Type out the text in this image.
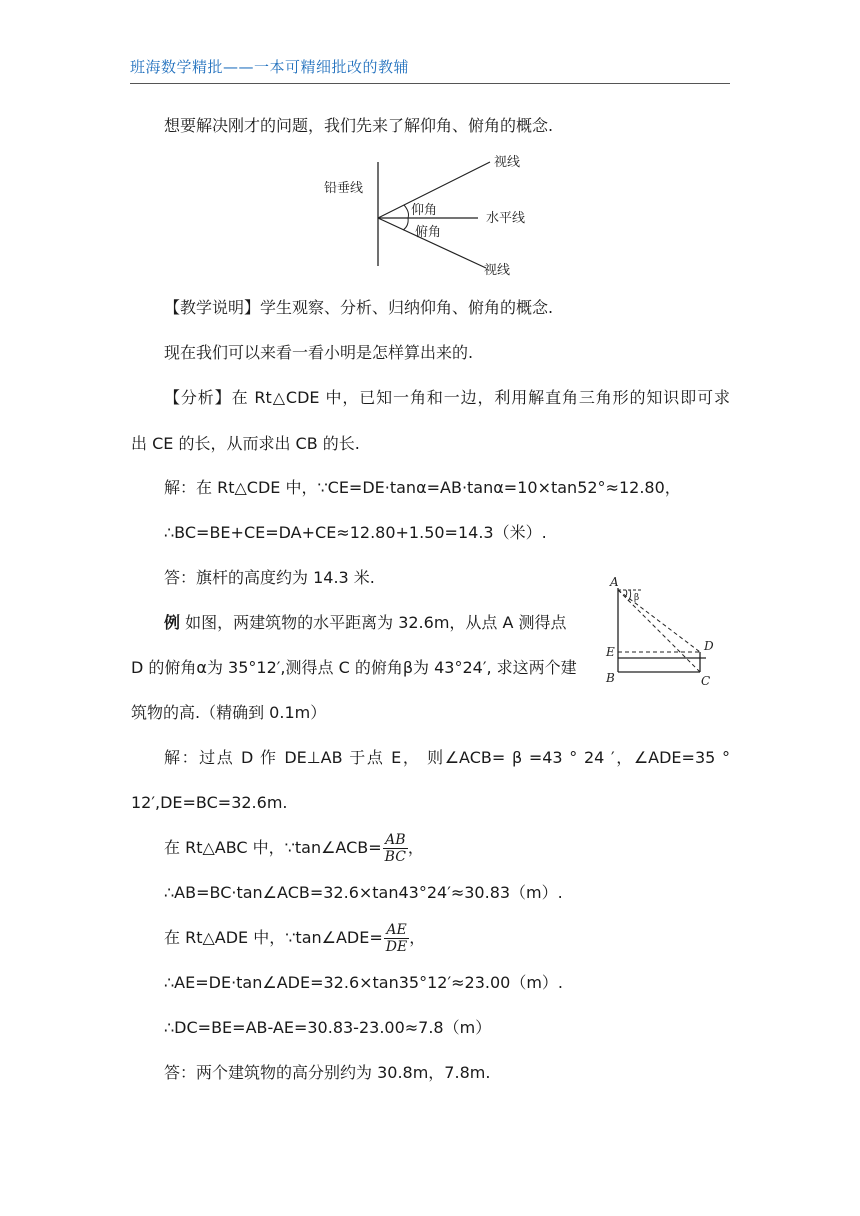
班海数学精批——一本可精细批改的教辅
想要解决刚才的问题，我们先来了解仰角、俯角的概念.
铅垂线
视线
仰角
水平线
俯角
视线
【教学说明】学生观察、分析、归纳仰角、俯角的概念.
现在我们可以来看一看小明是怎样算出来的.
【分析】在 Rt△CDE 中，已知一角和一边，利用解直角三角形的知识即可求
出 CE 的长，从而求出 CB 的长.
解：在 Rt△CDE 中，∵CE=DE·tanα=AB·tanα=10×tan52°≈12.80，
∴BC=BE+CE=DA+CE≈12.80+1.50=14.3（米）.
答：旗杆的高度约为 14.3 米.
例 如图，两建筑物的水平距离为 32.6m，从点 A 测得点
D 的俯角α为 35°12′,测得点 C 的俯角β为 43°24′, 求这两个建
筑物的高.（精确到 0.1m）
A
β
E	D
B	C
解：过点 D 作 DE⊥AB 于点 E， 则∠ACB= β =43 ° 24 ′，∠ADE=35 °
12′,DE=BC=32.6m.
在 Rt△ABC 中，∵tan∠ACB= $\frac{AB}{BC}$ ，
∴AB=BC·tan∠ACB=32.6×tan43°24′≈30.83（m）.
在 Rt△ADE 中，∵tan∠ADE= $\frac{AE}{DE}$ ，
∴AE=DE·tan∠ADE=32.6×tan35°12′≈23.00（m）.
∴DC=BE=AB-AE=30.83-23.00≈7.8（m）
答：两个建筑物的高分别约为 30.8m，7.8m.
